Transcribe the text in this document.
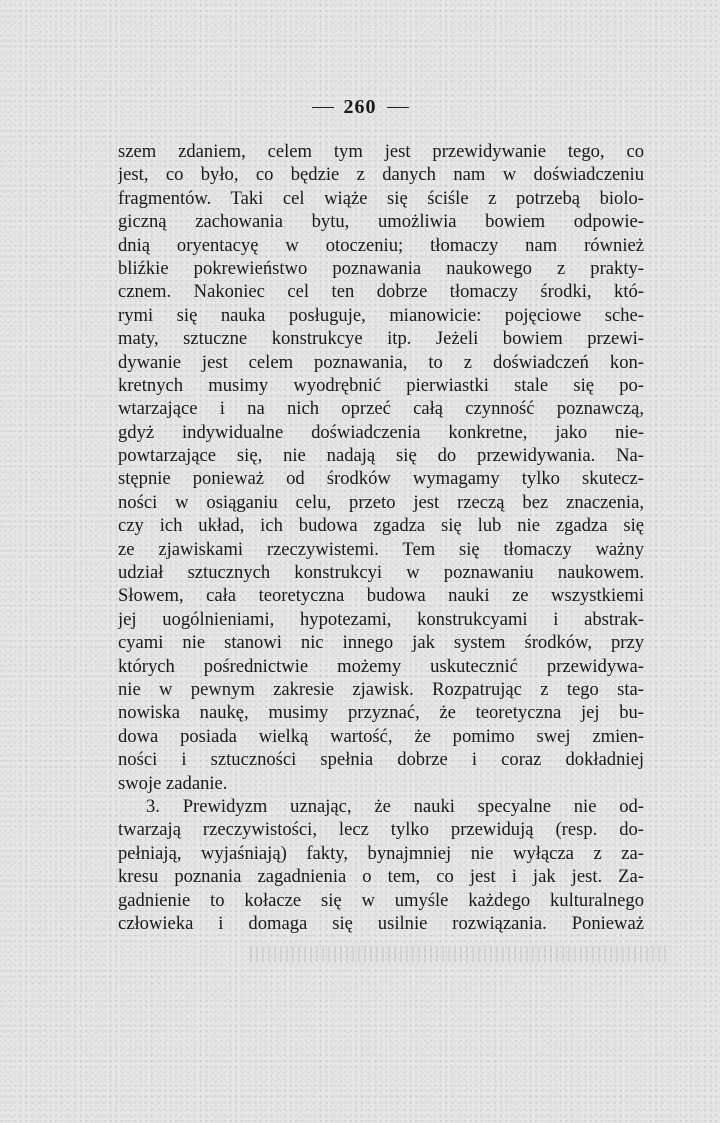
260
szem zdaniem, celem tym jest przewidywanie tego, co
jest, co było, co będzie z danych nam w doświadczeniu
fragmentów. Taki cel wiąże się ściśle z potrzebą biolo-
giczną zachowania bytu, umożliwia bowiem odpowie-
dnią oryentacyę w otoczeniu; tłomaczy nam również
bliźkie pokrewieństwo poznawania naukowego z prakty-
cznem. Nakoniec cel ten dobrze tłomaczy środki, któ-
rymi się nauka posługuje, mianowicie: pojęciowe sche-
maty, sztuczne konstrukcye itp. Jeżeli bowiem przewi-
dywanie jest celem poznawania, to z doświadczeń kon-
kretnych musimy wyodrębnić pierwiastki stale się po-
wtarzające i na nich oprzeć całą czynność poznawczą,
gdyż indywidualne doświadczenia konkretne, jako nie-
powtarzające się, nie nadają się do przewidywania. Na-
stępnie ponieważ od środków wymagamy tylko skutecz-
ności w osiąganiu celu, przeto jest rzeczą bez znaczenia,
czy ich układ, ich budowa zgadza się lub nie zgadza się
ze zjawiskami rzeczywistemi. Tem się tłomaczy ważny
udział sztucznych konstrukcyi w poznawaniu naukowem.
Słowem, cała teoretyczna budowa nauki ze wszystkiemi
jej uogólnieniami, hypotezami, konstrukcyami i abstrak-
cyami nie stanowi nic innego jak system środków, przy
których pośrednictwie możemy uskutecznić przewidywa-
nie w pewnym zakresie zjawisk. Rozpatrując z tego sta-
nowiska naukę, musimy przyznać, że teoretyczna jej bu-
dowa posiada wielką wartość, że pomimo swej zmien-
ności i sztuczności spełnia dobrze i coraz dokładniej
swoje zadanie.
3. Prewidyzm uznając, że nauki specyalne nie od-
twarzają rzeczywistości, lecz tylko przewidują (resp. do-
pełniają, wyjaśniają) fakty, bynajmniej nie wyłącza z za-
kresu poznania zagadnienia o tem, co jest i jak jest. Za-
gadnienie to kołacze się w umyśle każdego kulturalnego
człowieka i domaga się usilnie rozwiązania. Ponieważ
